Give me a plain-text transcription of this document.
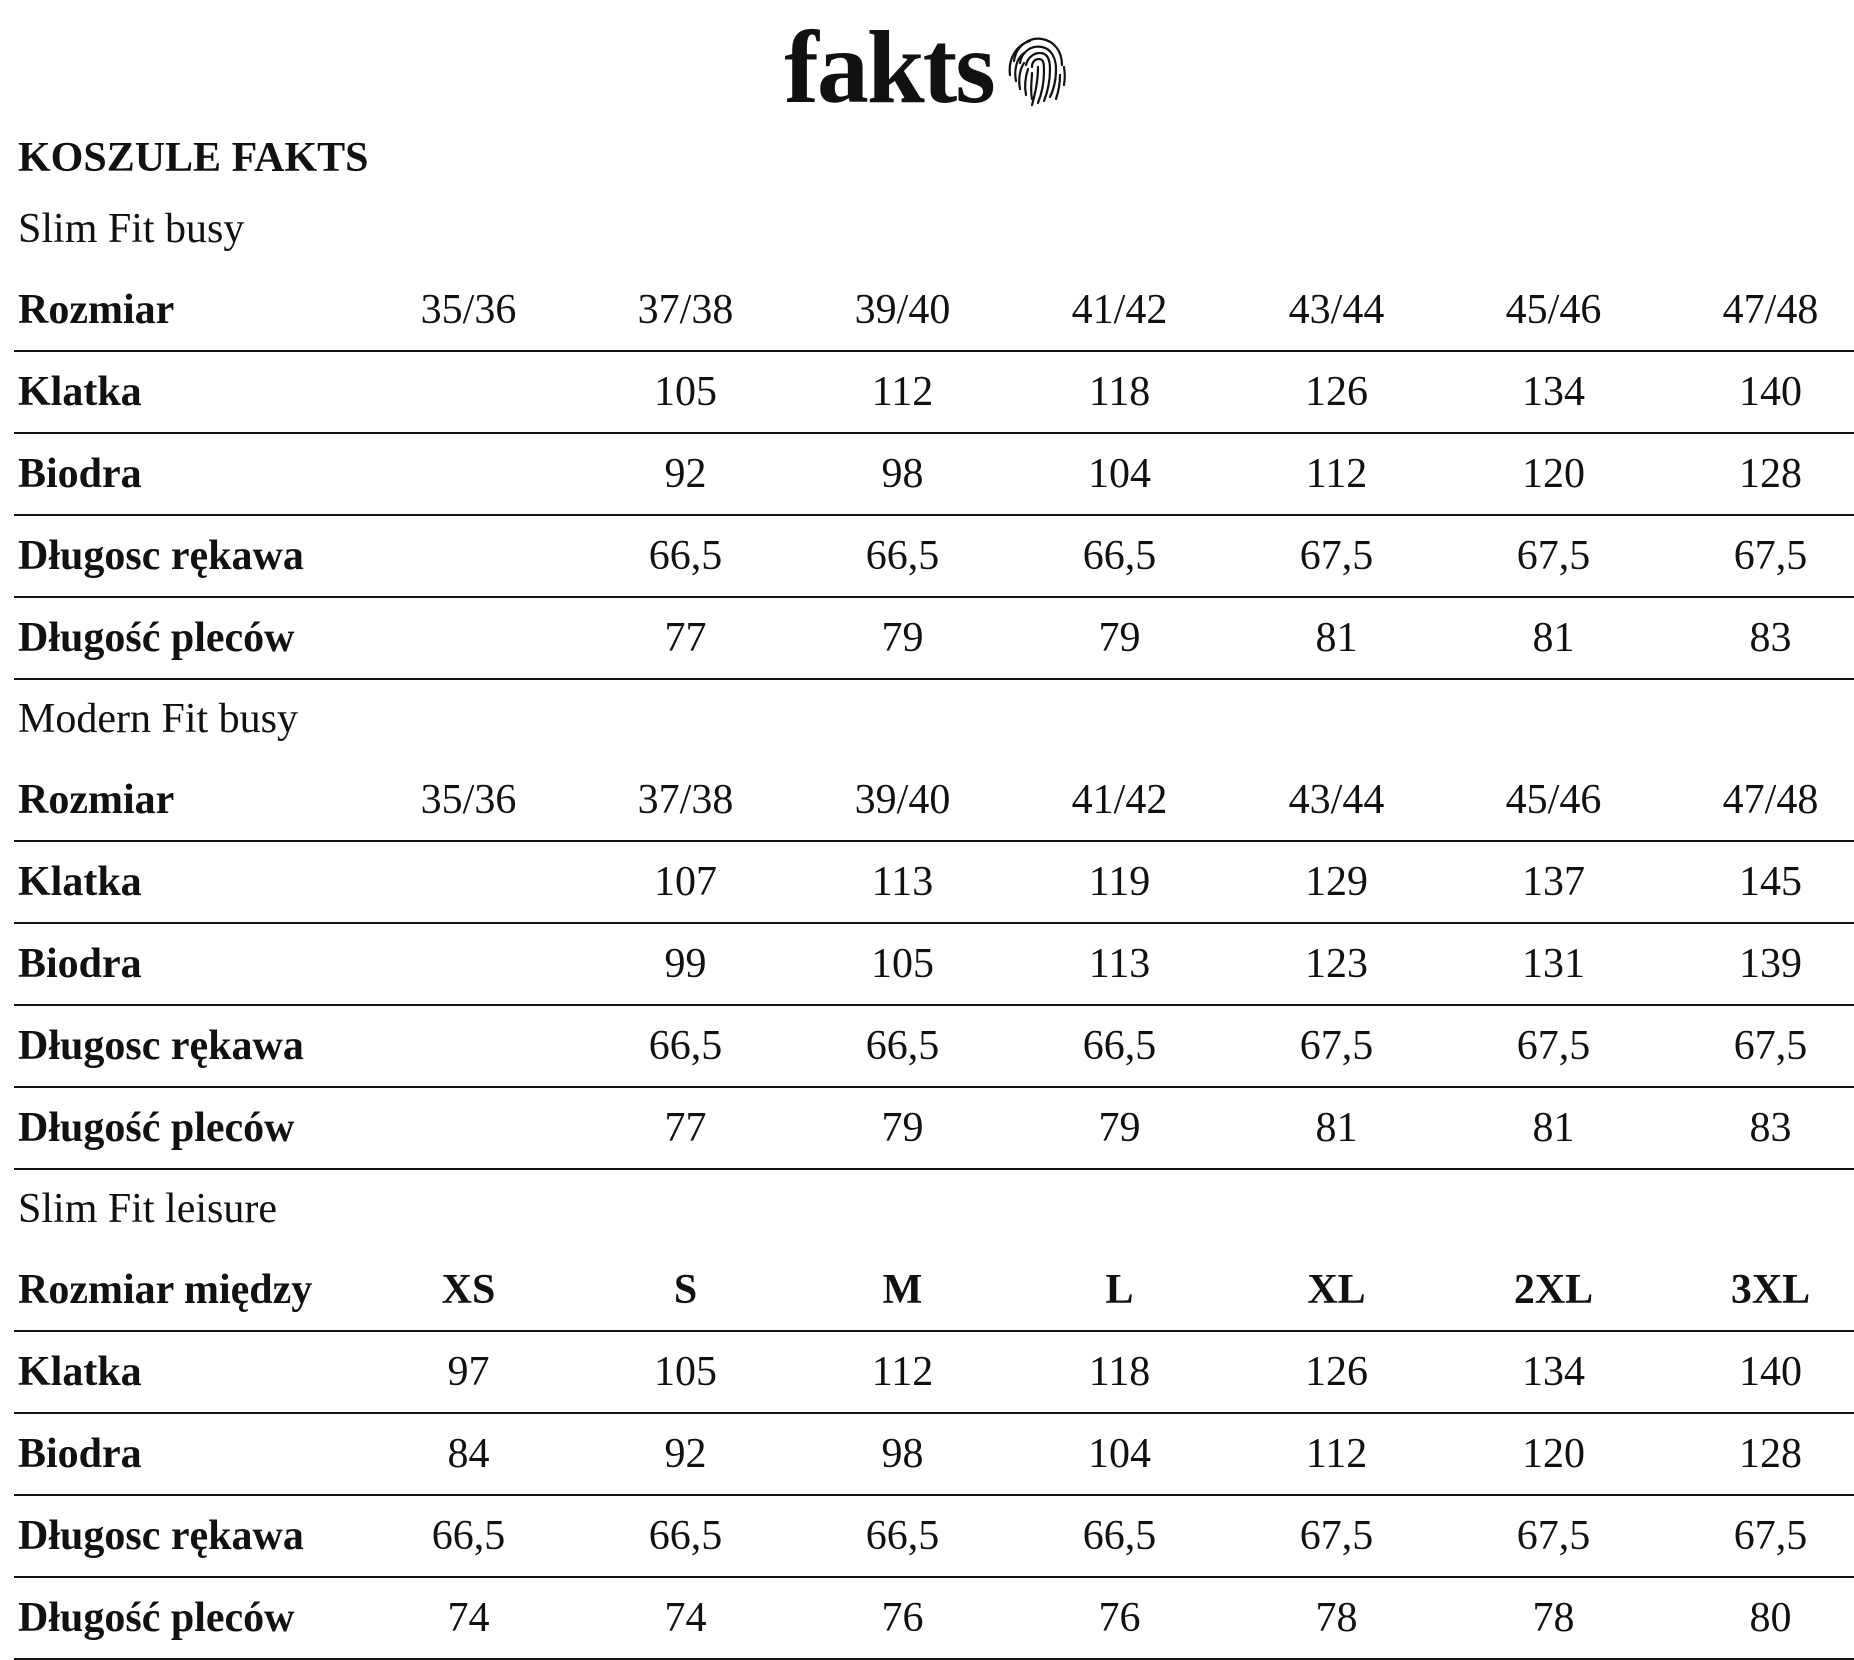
fakts
KOSZULE FAKTS
Slim Fit busy
Rozmiar	35/36	37/38	39/40	41/42	43/44	45/46	47/48
Klatka		105	112	118	126	134	140
Biodra		92	98	104	112	120	128
Długosc rękawa		66,5	66,5	66,5	67,5	67,5	67,5
Długość pleców		77	79	79	81	81	83
Modern Fit busy
Rozmiar	35/36	37/38	39/40	41/42	43/44	45/46	47/48
Klatka		107	113	119	129	137	145
Biodra		99	105	113	123	131	139
Długosc rękawa		66,5	66,5	66,5	67,5	67,5	67,5
Długość pleców		77	79	79	81	81	83
Slim Fit leisure
Rozmiar między	XS	S	M	L	XL	2XL	3XL
Klatka	97	105	112	118	126	134	140
Biodra	84	92	98	104	112	120	128
Długosc rękawa	66,5	66,5	66,5	66,5	67,5	67,5	67,5
Długość pleców	74	74	76	76	78	78	80
